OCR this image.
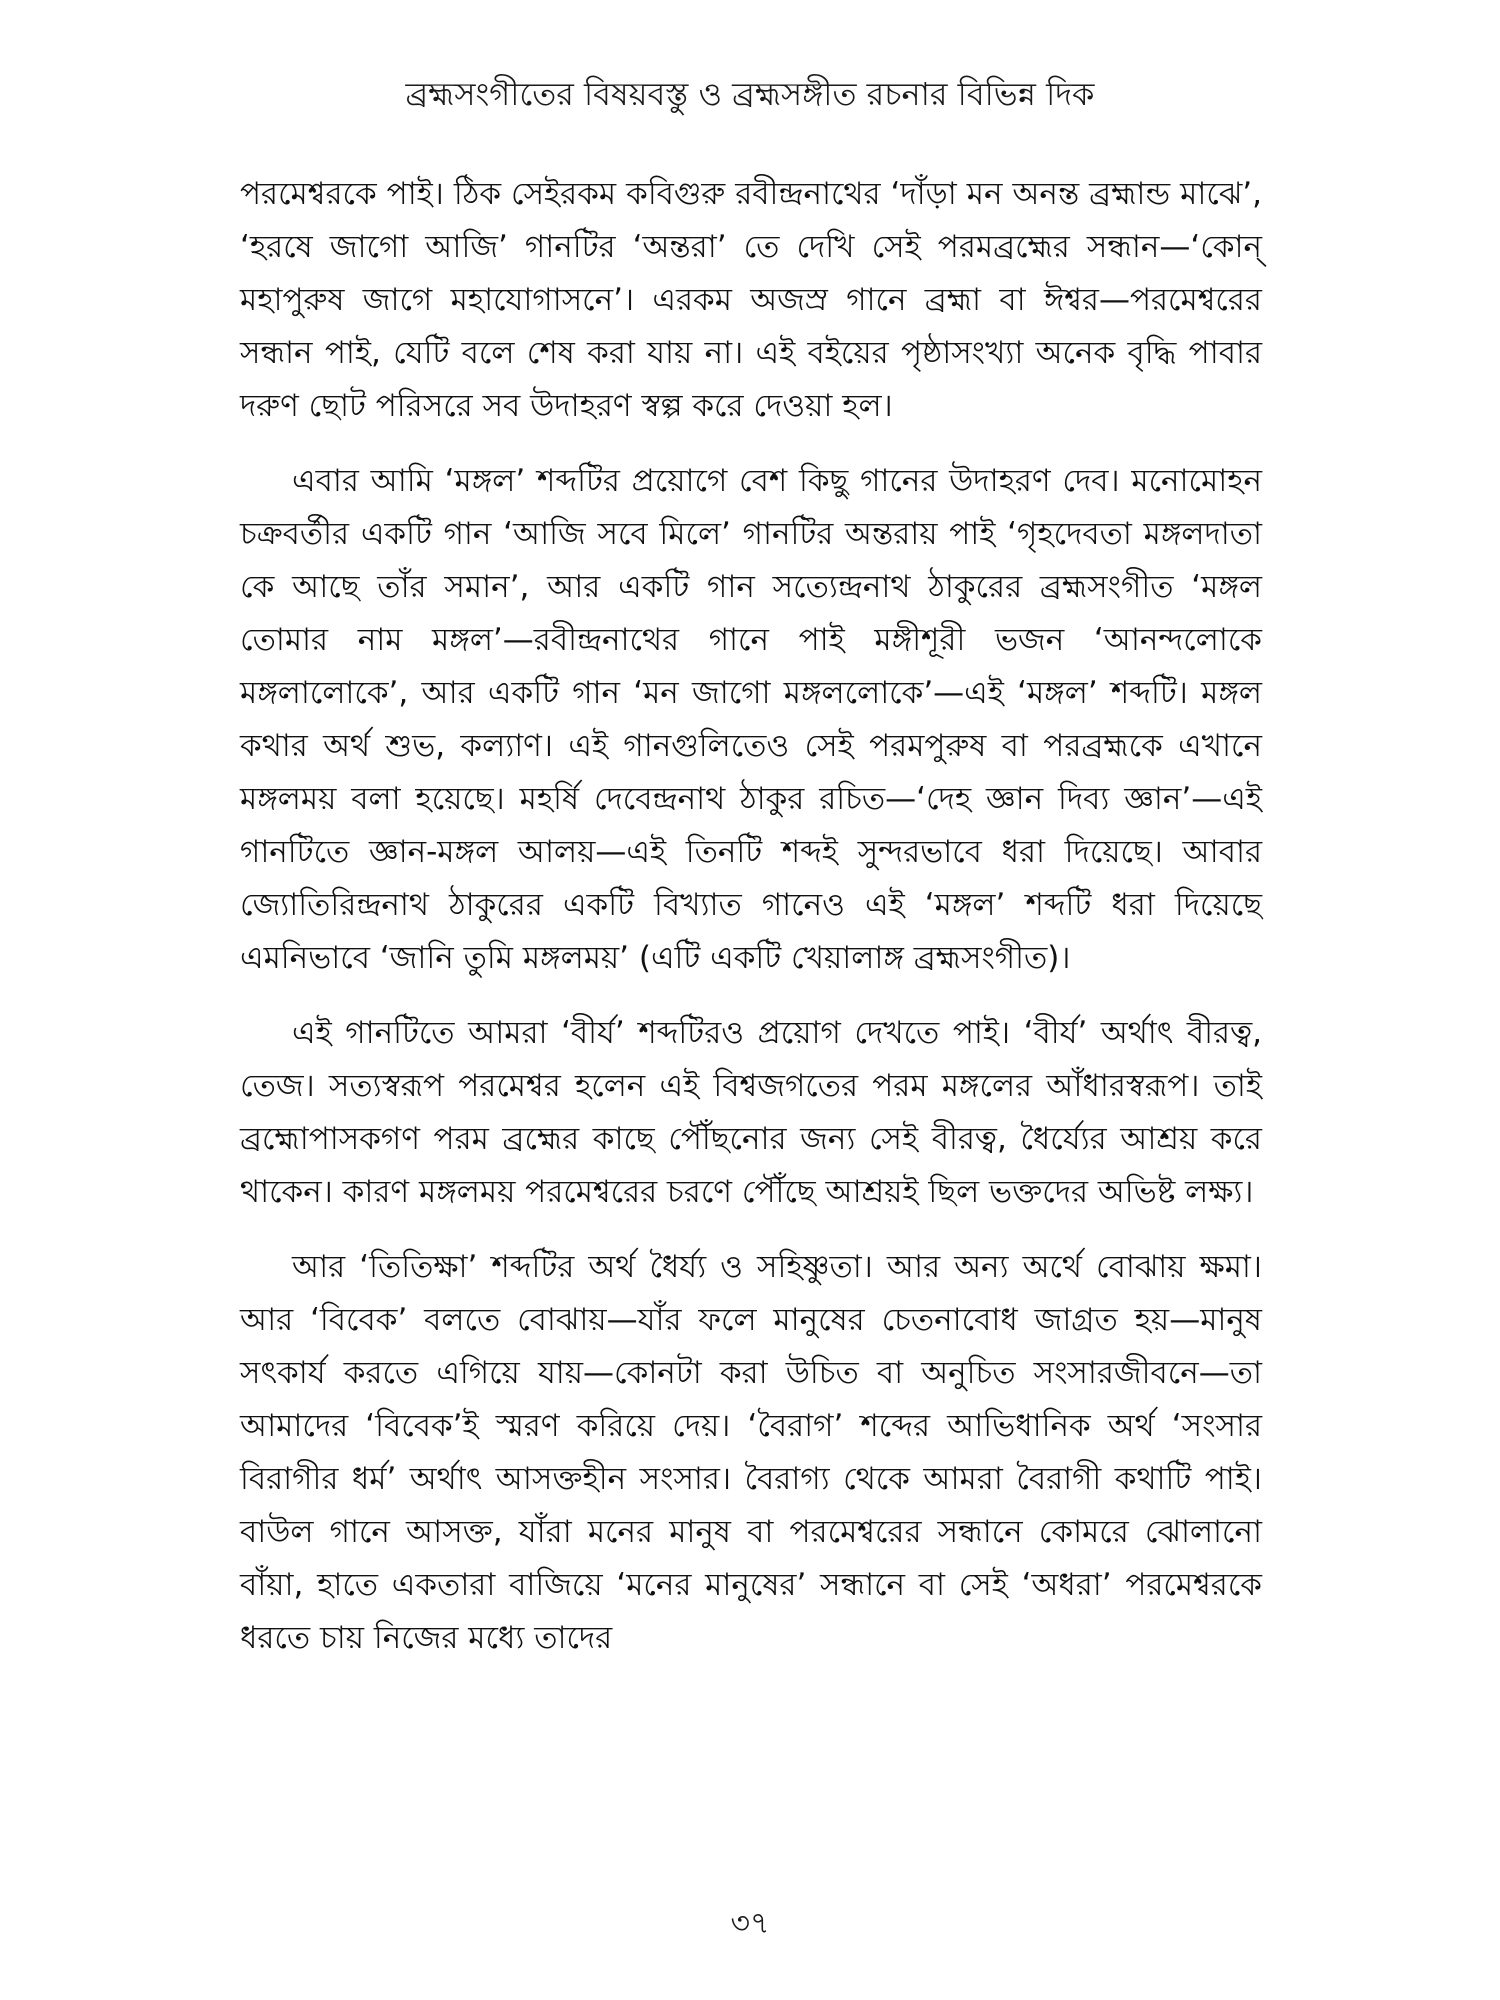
ব্রহ্মসংগীতের বিষয়বস্তু ও ব্রহ্মসঙ্গীত রচনার বিভিন্ন দিক

পরমেশ্বরকে পাই। ঠিক সেইরকম কবিগুরু রবীন্দ্রনাথের ‘দাঁড়া মন অনন্ত ব্রহ্মান্ড মাঝে’, ‘হরষে জাগো আজি’ গানটির ‘অন্তরা’ তে দেখি সেই পরমব্রহ্মের সন্ধান—‘কোন্ মহাপুরুষ জাগে মহাযোগাসনে’। এরকম অজস্র গানে ব্রহ্মা বা ঈশ্বর—পরমেশ্বরের সন্ধান পাই, যেটি বলে শেষ করা যায় না। এই বইয়ের পৃষ্ঠাসংখ্যা অনেক বৃদ্ধি পাবার দরুণ ছোট পরিসরে সব উদাহরণ স্বল্প করে দেওয়া হল।

এবার আমি ‘মঙ্গল’ শব্দটির প্রয়োগে বেশ কিছু গানের উদাহরণ দেব। মনোমোহন চক্রবর্তীর একটি গান ‘আজি সবে মিলে’ গানটির অন্তরায় পাই ‘গৃহদেবতা মঙ্গলদাতা কে আছে তাঁর সমান’, আর একটি গান সত্যেন্দ্রনাথ ঠাকুরের ব্রহ্মসংগীত ‘মঙ্গল তোমার নাম মঙ্গল’—রবীন্দ্রনাথের গানে পাই মঙ্গীশূরী ভজন ‘আনন্দলোকে মঙ্গলালোকে’, আর একটি গান ‘মন জাগো মঙ্গললোকে’—এই ‘মঙ্গল’ শব্দটি। মঙ্গল কথার অর্থ শুভ, কল্যাণ। এই গানগুলিতেও সেই পরমপুরুষ বা পরব্রহ্মকে এখানে মঙ্গলময় বলা হয়েছে। মহর্ষি দেবেন্দ্রনাথ ঠাকুর রচিত—‘দেহ জ্ঞান দিব্য জ্ঞান’—এই গানটিতে জ্ঞান-মঙ্গল আলয়—এই তিনটি শব্দই সুন্দরভাবে ধরা দিয়েছে। আবার জ্যোতিরিন্দ্রনাথ ঠাকুরের একটি বিখ্যাত গানেও এই ‘মঙ্গল’ শব্দটি ধরা দিয়েছে এমনিভাবে ‘জানি তুমি মঙ্গলময়’ (এটি একটি খেয়ালাঙ্গ ব্রহ্মসংগীত)।

এই গানটিতে আমরা ‘বীর্য’ শব্দটিরও প্রয়োগ দেখতে পাই। ‘বীর্য’ অর্থাৎ বীরত্ব, তেজ। সত্যস্বরূপ পরমেশ্বর হলেন এই বিশ্বজগতের পরম মঙ্গলের আঁধারস্বরূপ। তাই ব্রহ্মোপাসকগণ পরম ব্রহ্মের কাছে পৌঁছনোর জন্য সেই বীরত্ব, ধৈর্য্যের আশ্রয় করে থাকেন। কারণ মঙ্গলময় পরমেশ্বরের চরণে পৌঁছে আশ্রয়ই ছিল ভক্তদের অভিষ্ট লক্ষ্য।

আর ‘তিতিক্ষা’ শব্দটির অর্থ ধৈর্য্য ও সহিষ্ণুতা। আর অন্য অর্থে বোঝায় ক্ষমা। আর ‘বিবেক’ বলতে বোঝায়—যাঁর ফলে মানুষের চেতনাবোধ জাগ্রত হয়—মানুষ সৎকার্য করতে এগিয়ে যায়—কোনটা করা উচিত বা অনুচিত সংসারজীবনে—তা আমাদের ‘বিবেক’ই স্মরণ করিয়ে দেয়। ‘বৈরাগ’ শব্দের আভিধানিক অর্থ ‘সংসার বিরাগীর ধর্ম’ অর্থাৎ আসক্তহীন সংসার। বৈরাগ্য থেকে আমরা বৈরাগী কথাটি পাই। বাউল গানে আসক্ত, যাঁরা মনের মানুষ বা পরমেশ্বরের সন্ধানে কোমরে ঝোলানো বাঁয়া, হাতে একতারা বাজিয়ে ‘মনের মানুষের’ সন্ধানে বা সেই ‘অধরা’ পরমেশ্বরকে ধরতে চায় নিজের মধ্যে তাদের

৩৭
